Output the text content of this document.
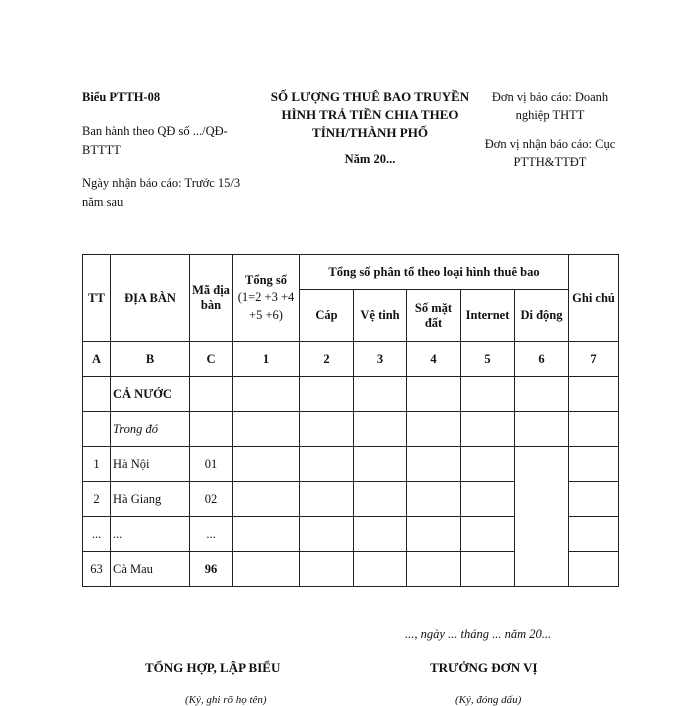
Biểu PTTH-08
Ban hành theo QĐ số .../QĐ-BTTTT
Ngày nhận báo cáo: Trước 15/3 năm sau
SỐ LƯỢNG THUÊ BAO TRUYỀN HÌNH TRẢ TIỀN CHIA THEO TỈNH/THÀNH PHỐ
Năm 20...
Đơn vị báo cáo: Doanh nghiệp THTT
Đơn vị nhận báo cáo: Cục PTTH&TTĐT
TT	ĐỊA BÀN	Mã địa bàn	Tổng số
(1=2 +3 +4 +5 +6)	Tổng số phân tổ theo loại hình thuê bao					Ghi chú
				Cáp	Vệ tinh	Số mặt đất	Internet	Di động	
A	B	C	1	2	3	4	5	6	7
	CẢ NƯỚC								
	Trong đó								
1	Hà Nội	01							
2	Hà Giang	02							
...	...	...							
63	Cà Mau	96							
..., ngày ... tháng ... năm 20...
TỔNG HỢP, LẬP BIỂU	TRƯỞNG ĐƠN VỊ
(Ký, ghi rõ họ tên)	(Ký, đóng dấu)
